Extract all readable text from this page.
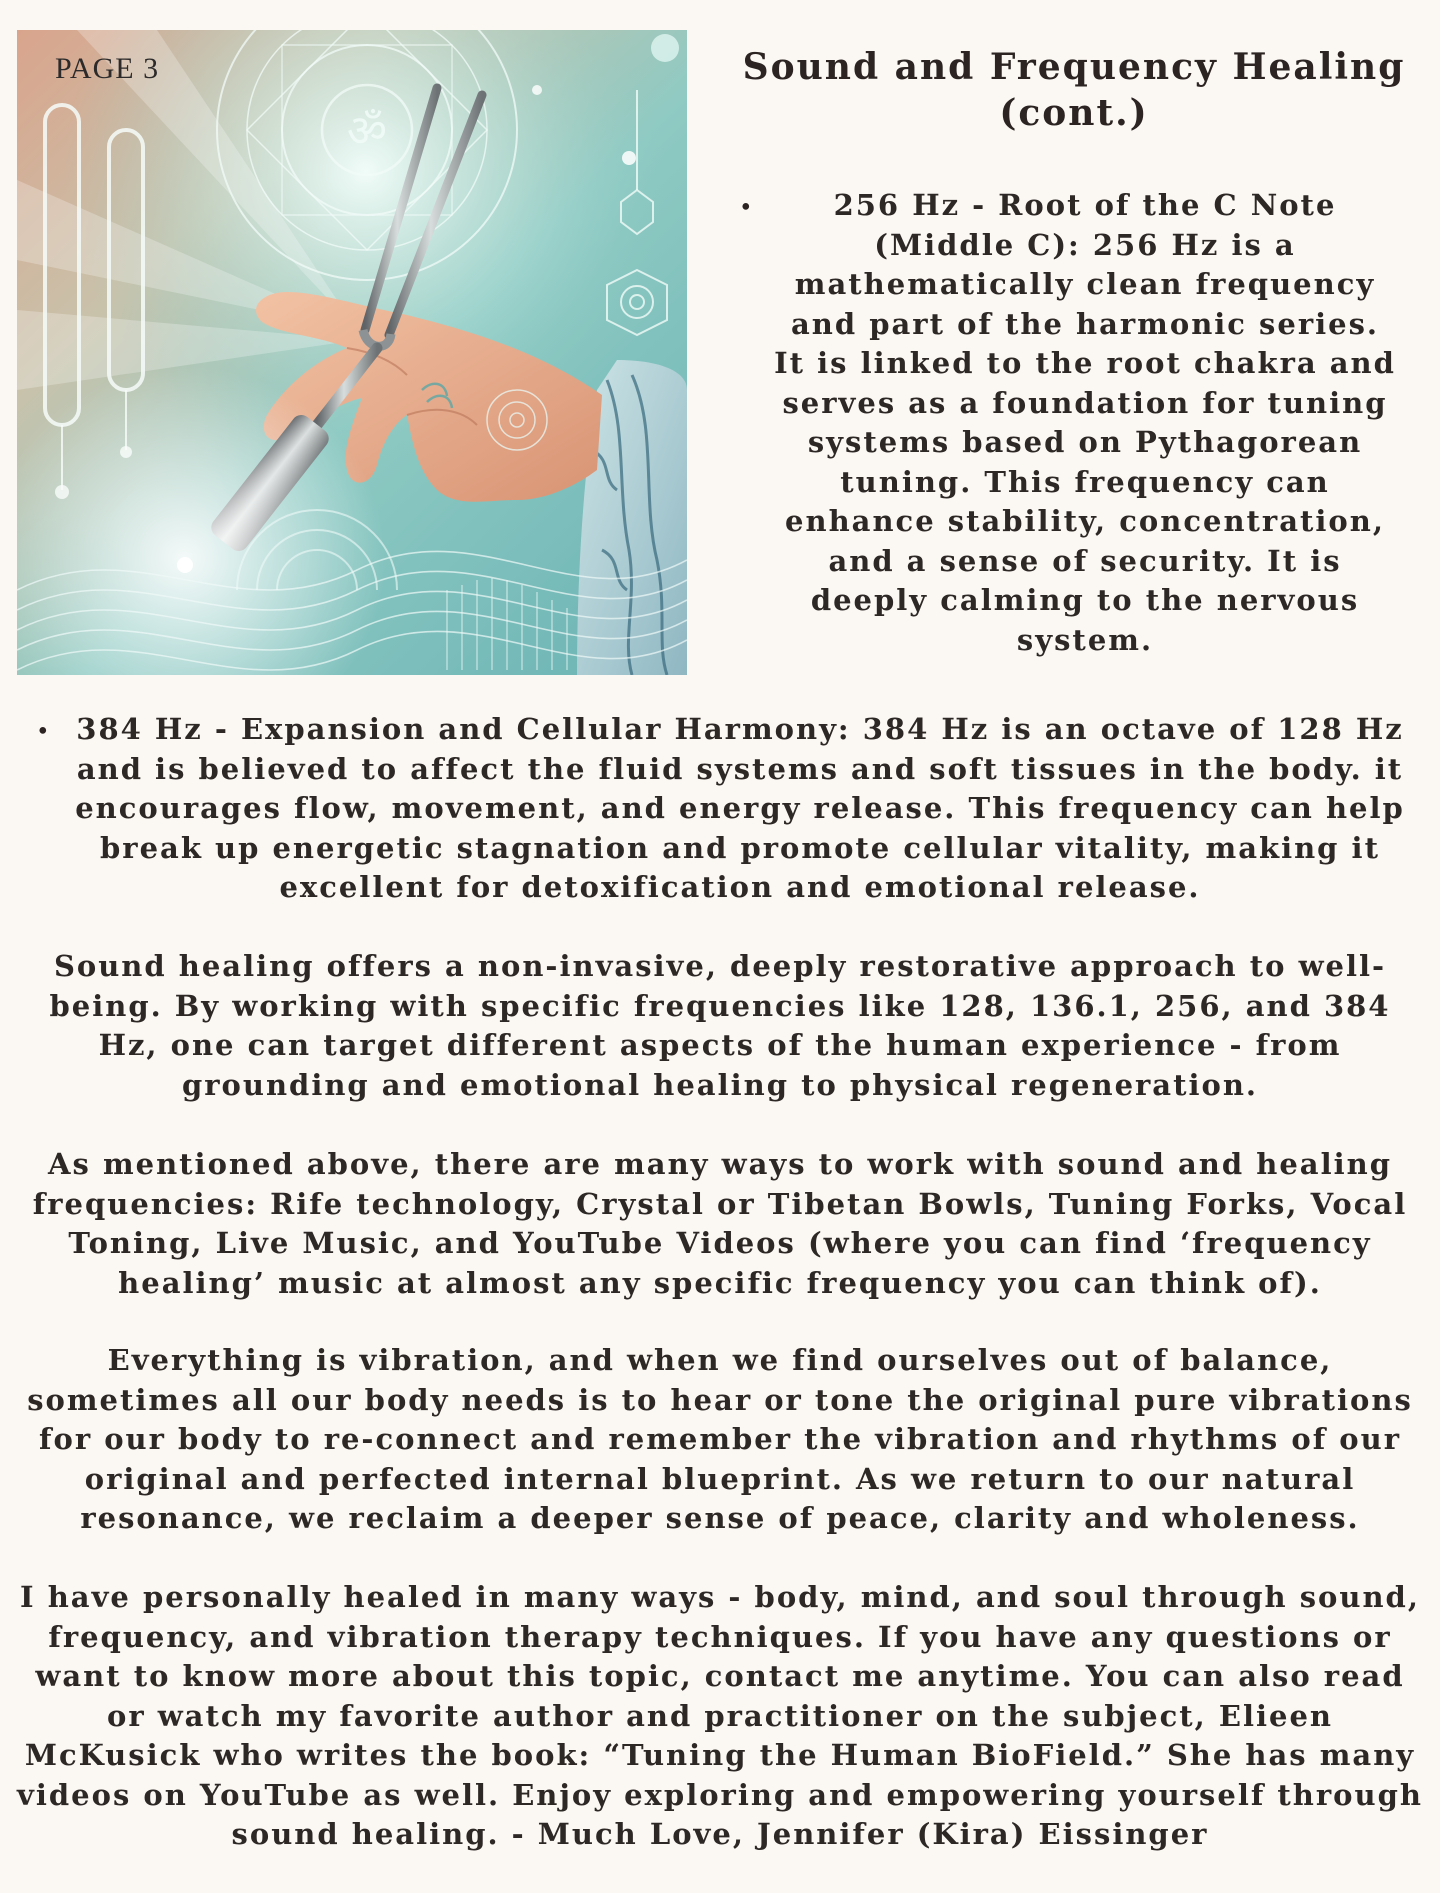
PAGE 3	Sound and Frequency Healing (cont.)
•	256 Hz - Root of the C Note (Middle C): 256 Hz is a mathematically clean frequency and part of the harmonic series. It is linked to the root chakra and serves as a foundation for tuning systems based on Pythagorean tuning. This frequency can enhance stability, concentration, and a sense of security. It is deeply calming to the nervous system.
• 384 Hz - Expansion and Cellular Harmony: 384 Hz is an octave of 128 Hz and is believed to affect the fluid systems and soft tissues in the body. it encourages flow, movement, and energy release. This frequency can help break up energetic stagnation and promote cellular vitality, making it excellent for detoxification and emotional release.
Sound healing offers a non-invasive, deeply restorative approach to well-being. By working with specific frequencies like 128, 136.1, 256, and 384 Hz, one can target different aspects of the human experience - from grounding and emotional healing to physical regeneration.
As mentioned above, there are many ways to work with sound and healing frequencies: Rife technology, Crystal or Tibetan Bowls, Tuning Forks, Vocal Toning, Live Music, and YouTube Videos (where you can find ‘frequency healing’ music at almost any specific frequency you can think of).
Everything is vibration, and when we find ourselves out of balance, sometimes all our body needs is to hear or tone the original pure vibrations for our body to re-connect and remember the vibration and rhythms of our original and perfected internal blueprint. As we return to our natural resonance, we reclaim a deeper sense of peace, clarity and wholeness.
I have personally healed in many ways - body, mind, and soul through sound, frequency, and vibration therapy techniques. If you have any questions or want to know more about this topic, contact me anytime. You can also read or watch my favorite author and practitioner on the subject, Elieen McKusick who writes the book: “Tuning the Human BioField.” She has many videos on YouTube as well. Enjoy exploring and empowering yourself through sound healing. - Much Love, Jennifer (Kira) Eissinger
